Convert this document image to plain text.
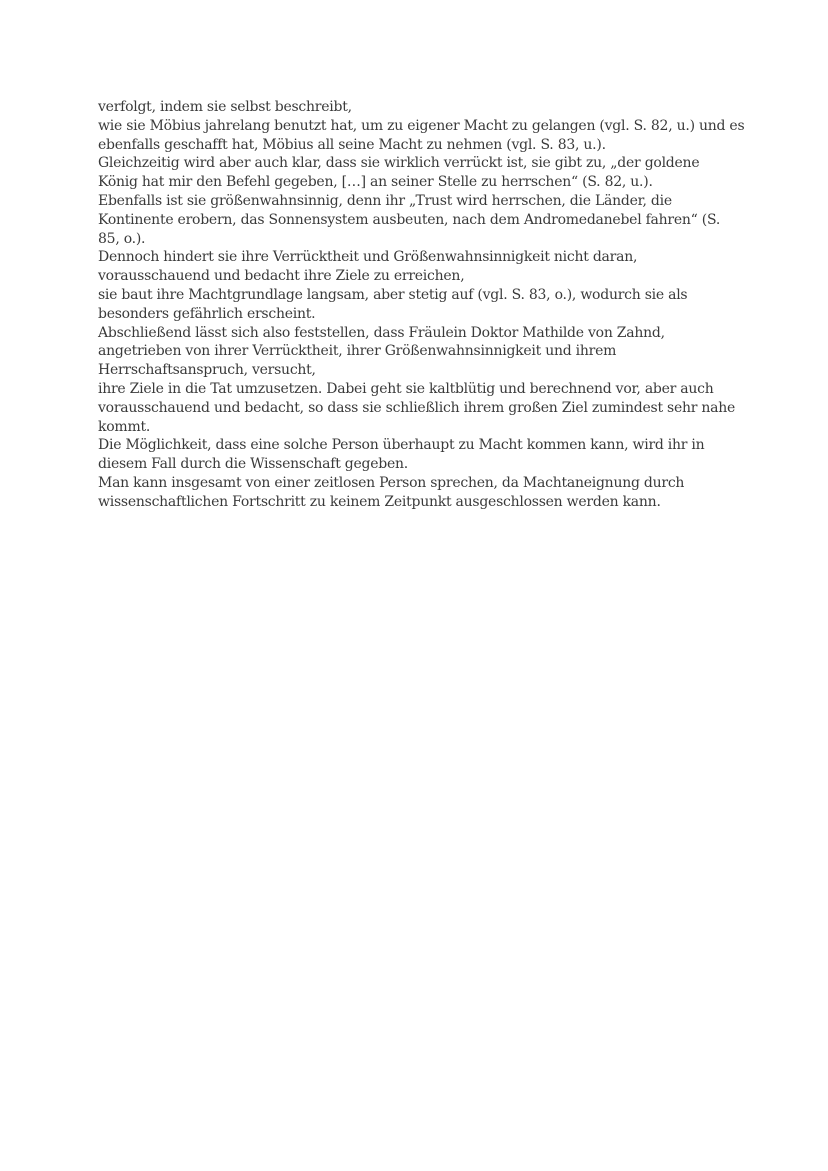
verfolgt, indem sie selbst beschreibt,
wie sie Möbius jahrelang benutzt hat, um zu eigener Macht zu gelangen (vgl. S. 82, u.) und es
ebenfalls geschafft hat, Möbius all seine Macht zu nehmen (vgl. S. 83, u.).
Gleichzeitig wird aber auch klar, dass sie wirklich verrückt ist, sie gibt zu, „der goldene
König hat mir den Befehl gegeben, […] an seiner Stelle zu herrschen“ (S. 82, u.).
Ebenfalls ist sie größenwahnsinnig, denn ihr „Trust wird herrschen, die Länder, die
Kontinente erobern, das Sonnensystem ausbeuten, nach dem Andromedanebel fahren“ (S.
85, o.).
Dennoch hindert sie ihre Verrücktheit und Größenwahnsinnigkeit nicht daran,
vorausschauend und bedacht ihre Ziele zu erreichen,
sie baut ihre Machtgrundlage langsam, aber stetig auf (vgl. S. 83, o.), wodurch sie als
besonders gefährlich erscheint.
Abschließend lässt sich also feststellen, dass Fräulein Doktor Mathilde von Zahnd,
angetrieben von ihrer Verrücktheit, ihrer Größenwahnsinnigkeit und ihrem
Herrschaftsanspruch, versucht,
ihre Ziele in die Tat umzusetzen. Dabei geht sie kaltblütig und berechnend vor, aber auch
vorausschauend und bedacht, so dass sie schließlich ihrem großen Ziel zumindest sehr nahe
kommt.
Die Möglichkeit, dass eine solche Person überhaupt zu Macht kommen kann, wird ihr in
diesem Fall durch die Wissenschaft gegeben.
Man kann insgesamt von einer zeitlosen Person sprechen, da Machtaneignung durch
wissenschaftlichen Fortschritt zu keinem Zeitpunkt ausgeschlossen werden kann.
